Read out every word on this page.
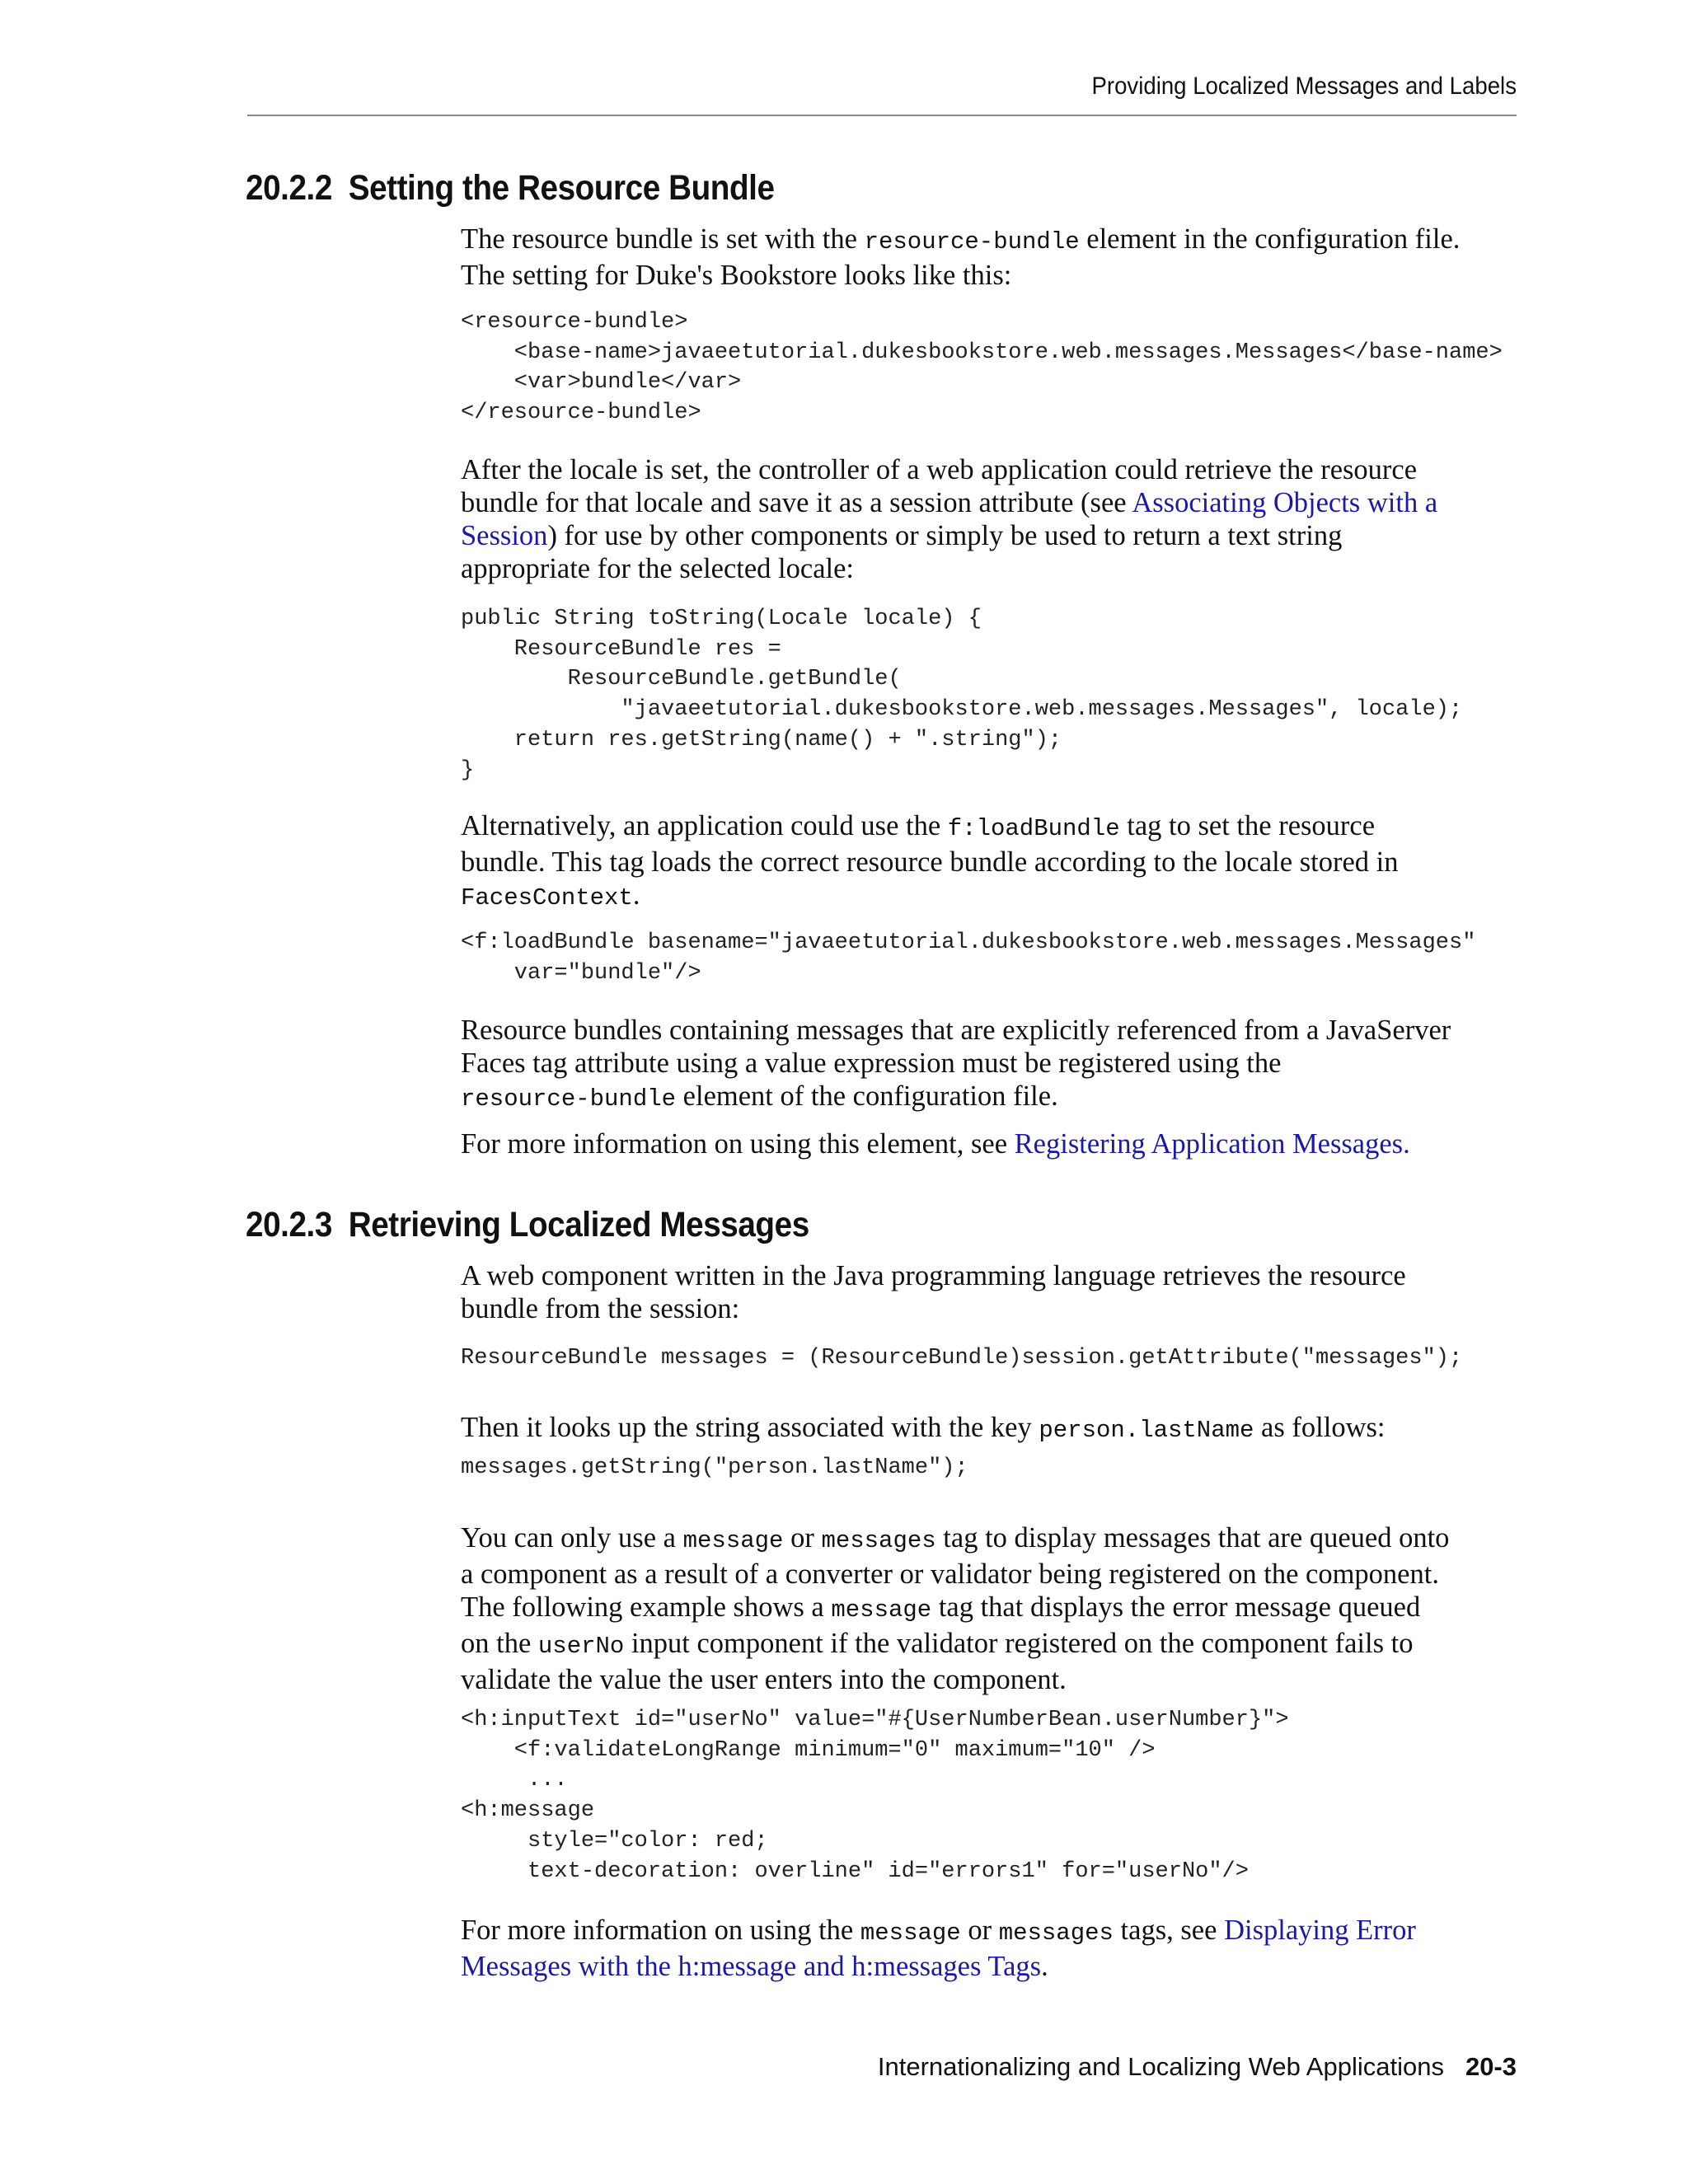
Providing Localized Messages and Labels
20.2.2 Setting the Resource Bundle

The resource bundle is set with the resource-bundle element in the configuration file.

The setting for Duke's Bookstore looks like this:

<resource-bundle>
<base-name>javaeetutorial.dukesbookstore.web.messages.Messages</base-name>
<var>bundle</var>
</resource-bundle>

After the locale is set, the controller of a web application could retrieve the resource

bundle for that locale and save it as a session attribute (see Associating Objects with a

Session) for use by other components or simply be used to return a text string

appropriate for the selected locale:

public String toString(Locale locale) {
ResourceBundle res =
ResourceBundle.getBundle(
"javaeetutorial.dukesbookstore.web.messages.Messages", locale);
return res.getString(name() + ".string");
}

Alternatively, an application could use the f:loadBundle tag to set the resource

bundle. This tag loads the correct resource bundle according to the locale stored in

FacesContext.

<f:loadBundle basename="javaeetutorial.dukesbookstore.web.messages.Messages"
var="bundle"/>

Resource bundles containing messages that are explicitly referenced from a JavaServer

Faces tag attribute using a value expression must be registered using the

resource-bundle element of the configuration file.

For more information on using this element, see Registering Application Messages.

20.2.3 Retrieving Localized Messages

A web component written in the Java programming language retrieves the resource

bundle from the session:

ResourceBundle messages = (ResourceBundle)session.getAttribute("messages");

Then it looks up the string associated with the key person.lastName as follows:

messages.getString("person.lastName");

You can only use a message or messages tag to display messages that are queued onto

a component as a result of a converter or validator being registered on the component.

The following example shows a message tag that displays the error message queued

on the userNo input component if the validator registered on the component fails to

validate the value the user enters into the component.

<h:inputText id="userNo" value="#{UserNumberBean.userNumber}">
<f:validateLongRange minimum="0" maximum="10" />
...
<h:message
style="color: red;
text-decoration: overline" id="errors1" for="userNo"/>

For more information on using the message or messages tags, see Displaying Error

Messages with the h:message and h:messages Tags.

Internationalizing and Localizing Web Applications 20-3
